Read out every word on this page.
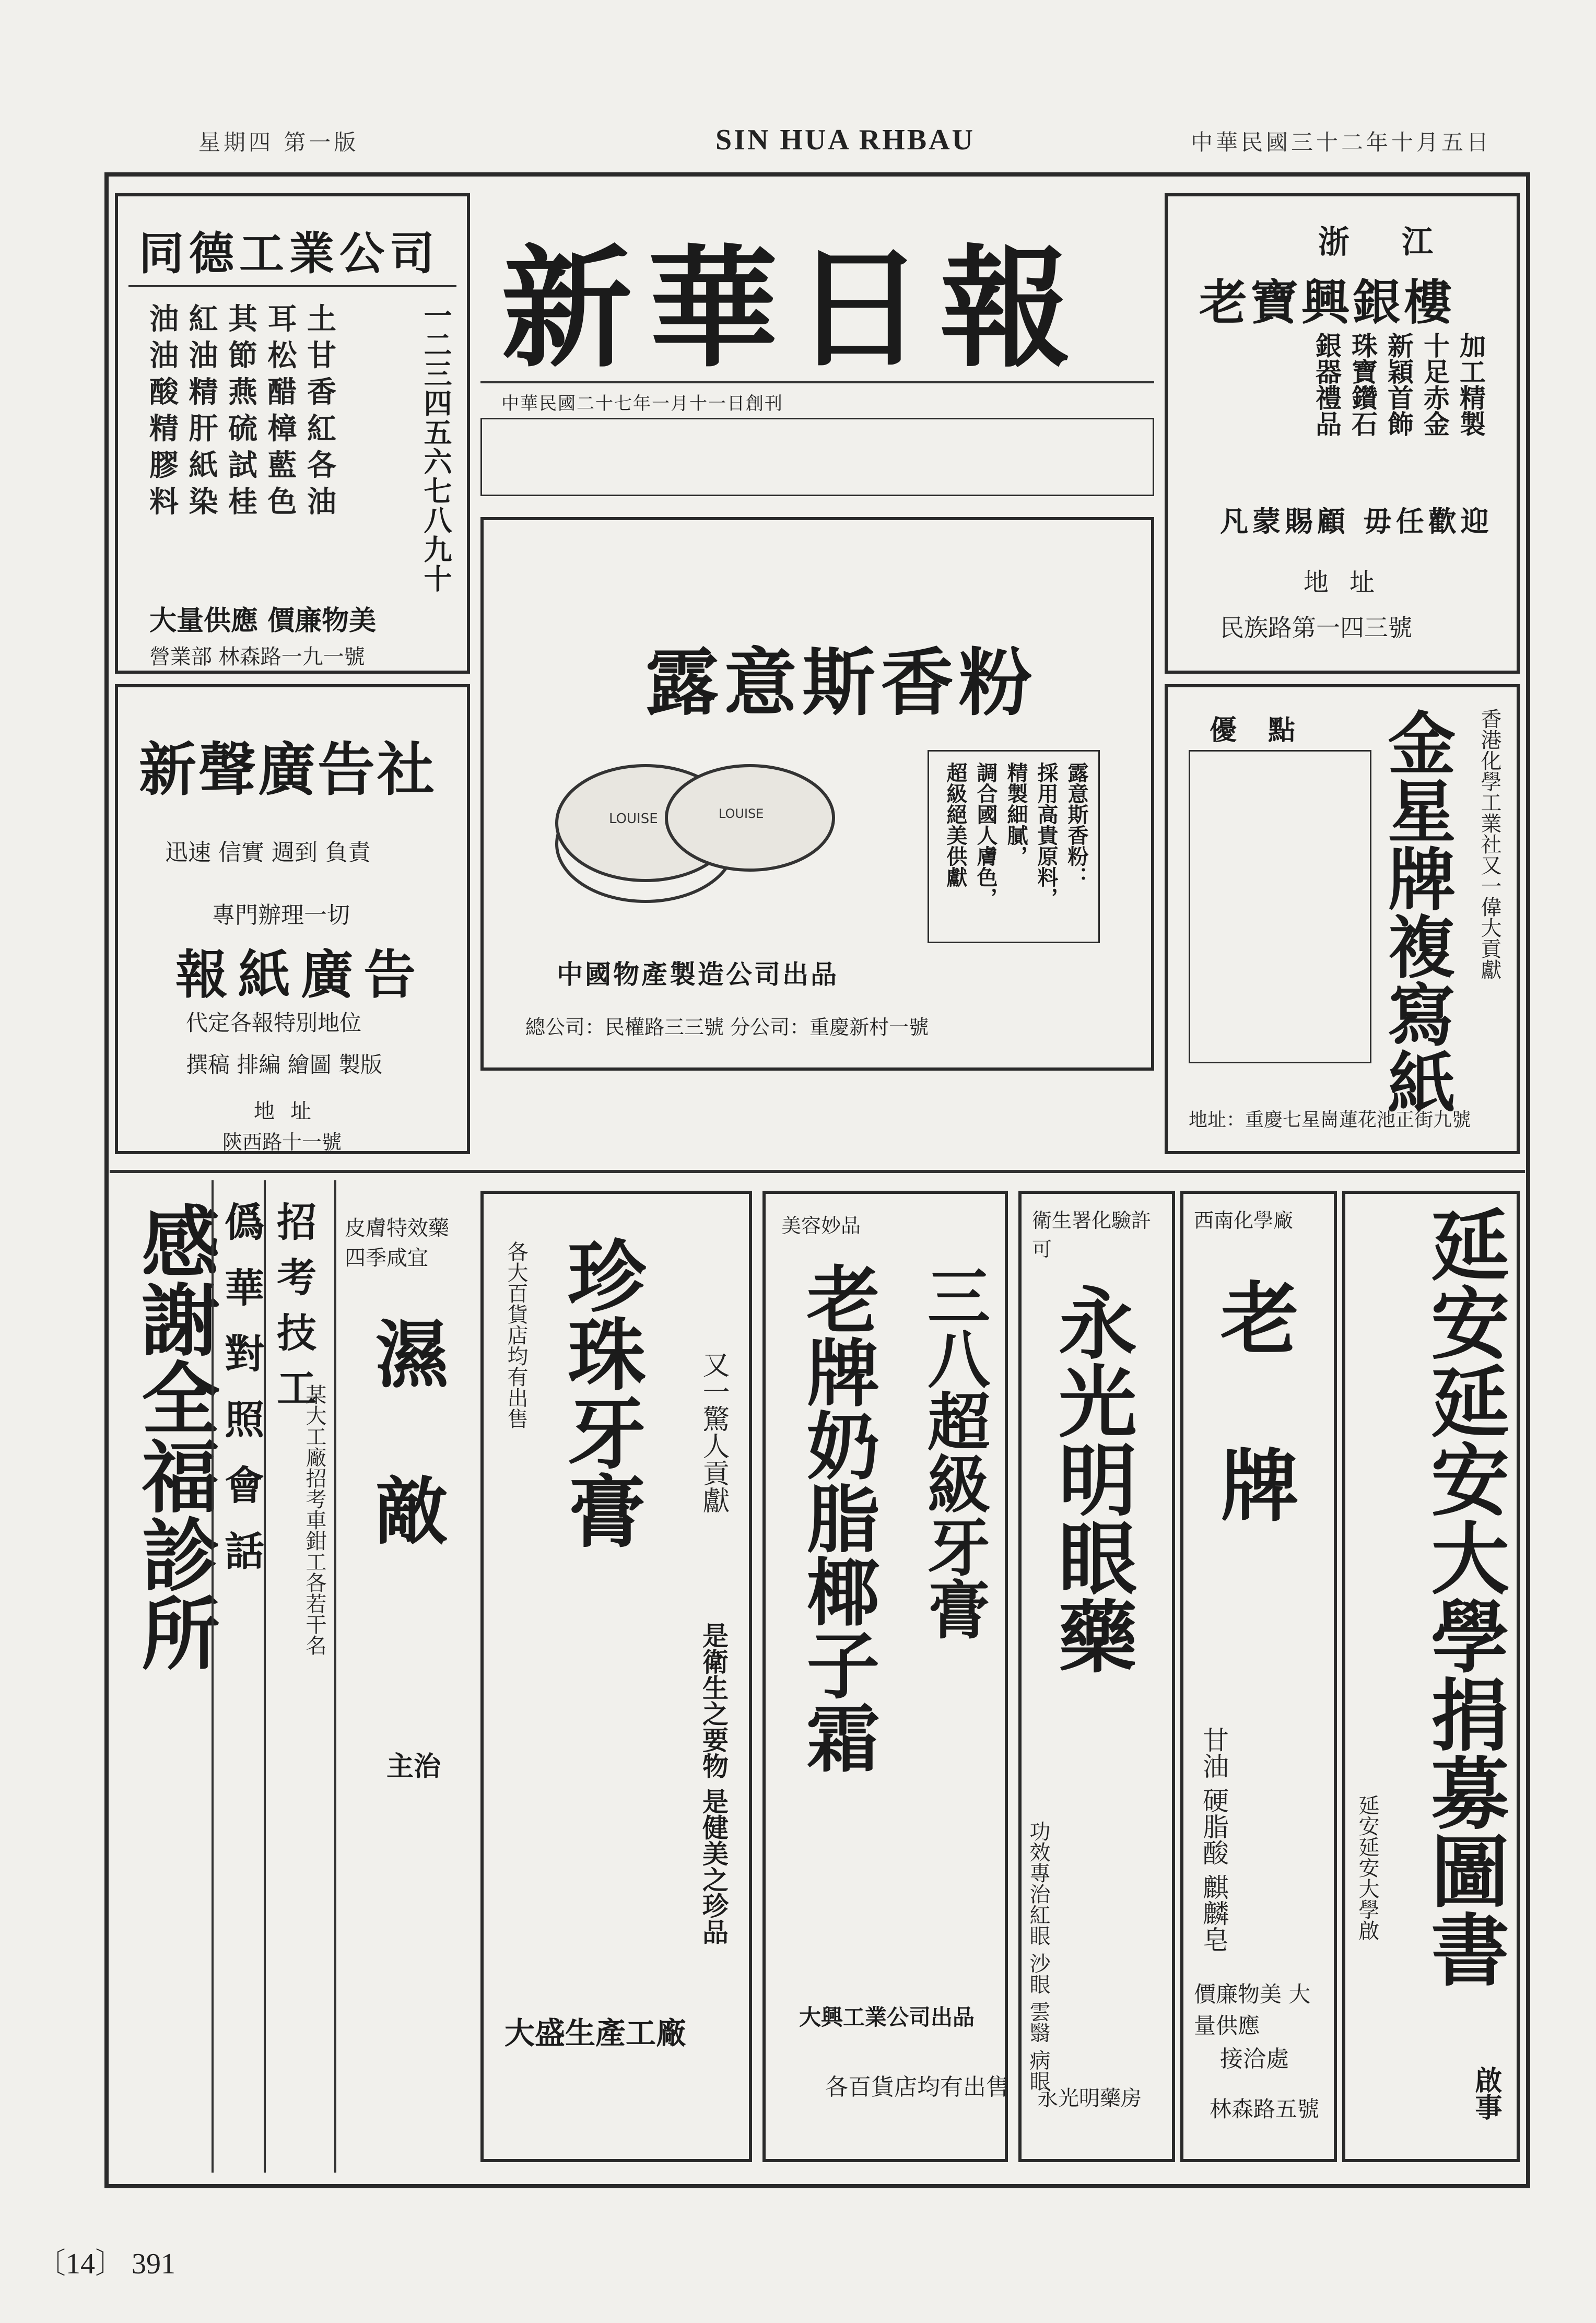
中華民國三十二年十月五日
SIN HUA RHBAU
星期四 第一版
同德工業公司
一二三四五六七八九十
油 紅 其 耳 土
油 油 節 松 甘
酸 精 燕 醋 香
精 肝 硫 樟 紅
膠 紙 試 藍 各
料 染 桂 色 油
大量供應 價廉物美
營業部 林森路一九一號
新華日報
中華民國二十七年一月十一日創刊
浙江
老寶興銀樓
加工精製
十足赤金
新穎首飾
珠寶鑽石
銀器禮品
凡蒙賜顧 毋任歡迎
地址
民族路第一四三號
露意斯香粉
LOUISE	LOUISE	露意斯香粉：
採用高貴原料，
精製細膩，
調合國人膚色，
超級絕美供獻
中國物產製造公司出品
總公司：民權路三三號 分公司：重慶新村一號
新聲廣告社
迅速 信實 週到 負責
專門辦理一切
報紙廣告
代定各報特別地位
撰稿 排編 繪圖 製版
地址
陝西路十一號
金星牌複寫紙 香港化學工業社又一偉大貢獻
優點
地址：重慶七星崗蓮花池正街九號
感謝全福診所
僞華對照會話 招考技工
某大工廠招考車鉗工各若干名
皮膚特效藥 四季咸宜
濕敵
主治
各大百貨店均有出售 珍珠牙膏 又一驚人貢獻
是衛生之要物 是健美之珍品
大盛生產工廠
美容妙品
老牌奶脂椰子霜 三八超級牙膏
大興工業公司出品
各百貨店均有出售
衛生署化驗許可
永光明眼藥
功效專治紅眼 沙眼 雲翳 病眼
永光明藥房
西南化學廠
老牌
甘油 硬脂酸 麒麟皂
價廉物美 大量供應
接洽處
林森路五號
延安延安大學捐募圖書
啟事
延安延安大學啟
〔14〕 391
